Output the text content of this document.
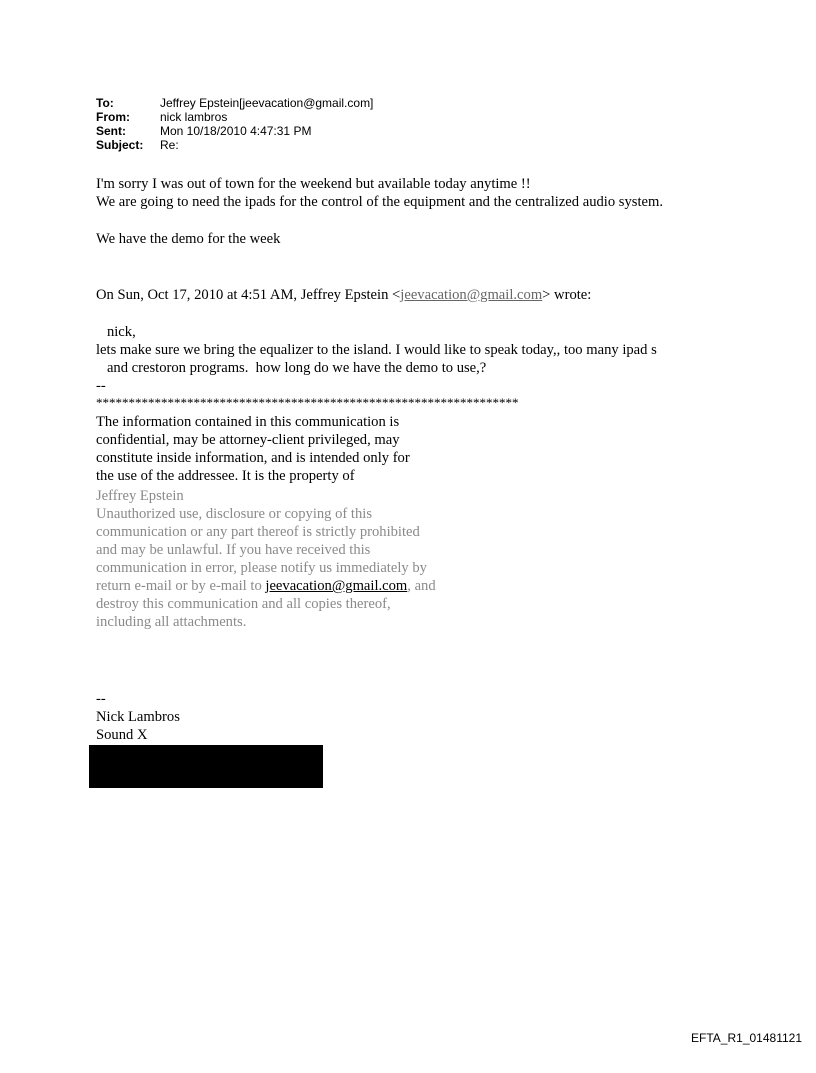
To:	Jeffrey Epstein[jeevacation@gmail.com]
From:	nick lambros
Sent:	Mon 10/18/2010 4:47:31 PM
Subject:	Re:
I'm sorry I was out of town for the weekend but available today anytime !!
We are going to need the ipads for the control of the equipment and the centralized audio system.
We have the demo for the week
On Sun, Oct 17, 2010 at 4:51 AM, Jeffrey Epstein <jeevacation@gmail.com> wrote:
nick,
lets make sure we bring the equalizer to the island. I would like to speak today,, too many ipad s
and crestoron programs.  how long do we have the demo to use,?
--
*****************************************************************
The information contained in this communication is
confidential, may be attorney-client privileged, may
constitute inside information, and is intended only for
the use of the addressee. It is the property of
Jeffrey Epstein
Unauthorized use, disclosure or copying of this
communication or any part thereof is strictly prohibited
and may be unlawful. If you have received this
communication in error, please notify us immediately by
return e-mail or by e-mail to jeevacation@gmail.com, and
destroy this communication and all copies thereof,
including all attachments.
--
Nick Lambros
Sound X
EFTA_R1_01481121
